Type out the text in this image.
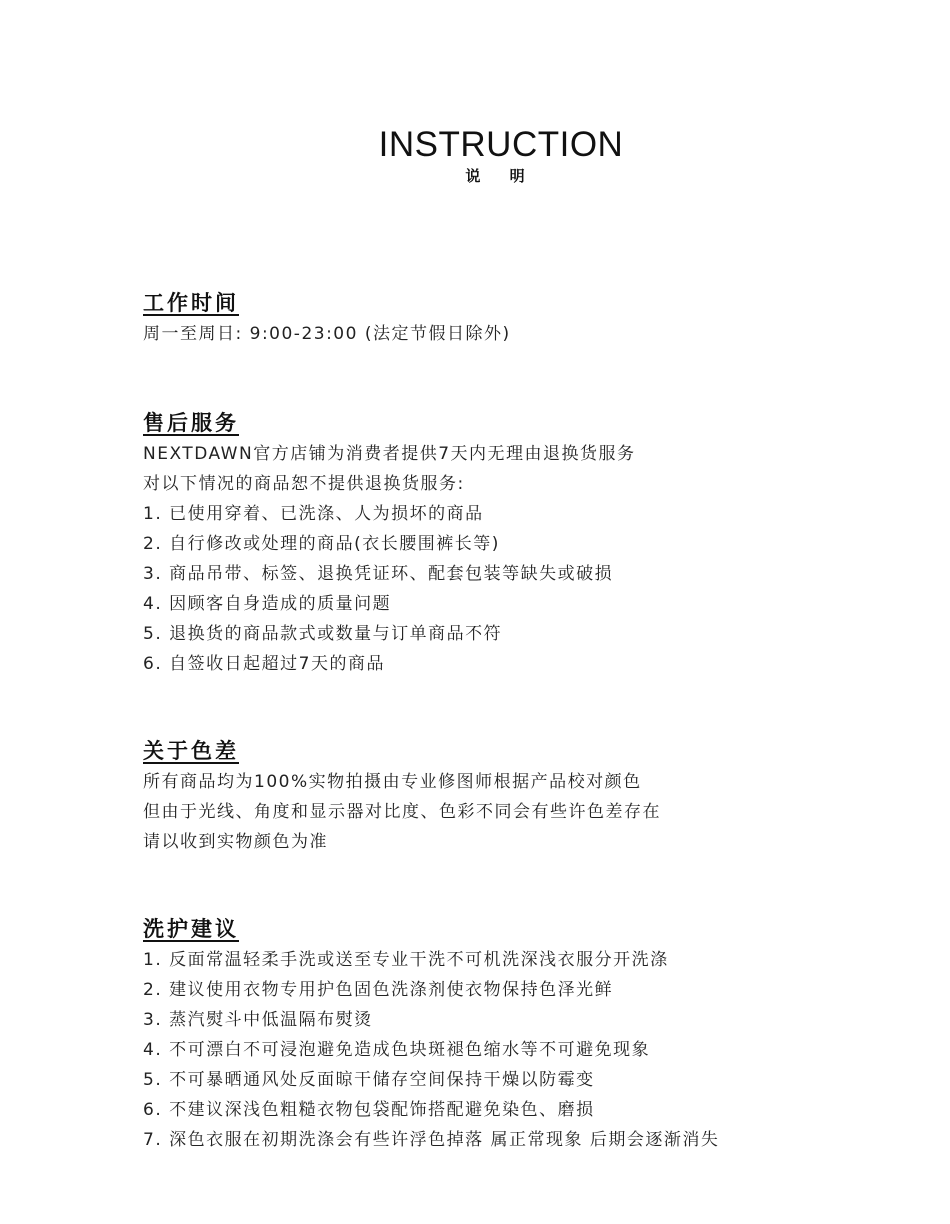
INSTRUCTION
说 明
工作时间
周一至周日: 9:00-23:00 (法定节假日除外)
售后服务
NEXTDAWN官方店铺为消费者提供7天内无理由退换货服务
对以下情况的商品恕不提供退换货服务:
1. 已使用穿着、已洗涤、人为损坏的商品
2. 自行修改或处理的商品(衣长腰围裤长等)
3. 商品吊带、标签、退换凭证环、配套包装等缺失或破损
4. 因顾客自身造成的质量问题
5. 退换货的商品款式或数量与订单商品不符
6. 自签收日起超过7天的商品
关于色差
所有商品均为100%实物拍摄由专业修图师根据产品校对颜色
但由于光线、角度和显示器对比度、色彩不同会有些许色差存在
请以收到实物颜色为准
洗护建议
1. 反面常温轻柔手洗或送至专业干洗不可机洗深浅衣服分开洗涤
2. 建议使用衣物专用护色固色洗涤剂使衣物保持色泽光鲜
3. 蒸汽熨斗中低温隔布熨烫
4. 不可漂白不可浸泡避免造成色块斑褪色缩水等不可避免现象
5. 不可暴晒通风处反面晾干储存空间保持干燥以防霉变
6. 不建议深浅色粗糙衣物包袋配饰搭配避免染色、磨损
7. 深色衣服在初期洗涤会有些许浮色掉落 属正常现象 后期会逐渐消失
